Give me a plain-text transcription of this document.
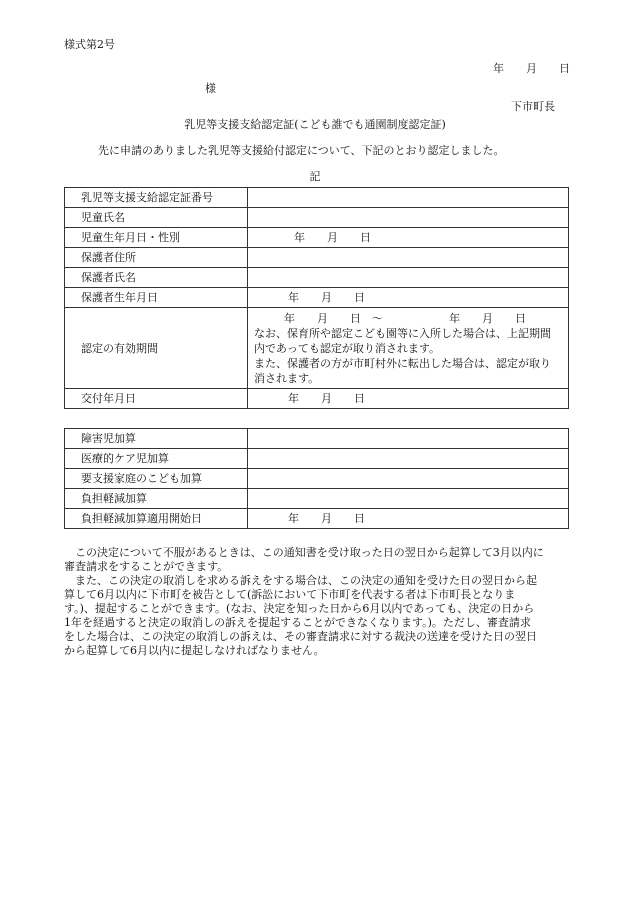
様式第2号
年　　月　　日
様
下市町長
乳児等支援支給認定証(こども誰でも通園制度認定証)
先に申請のありました乳児等支援給付認定について、下記のとおり認定しました。
記
乳児等支援支給認定証番号	
児童氏名	
児童生年月日・性別	年　　月　　日
保護者住所	
保護者氏名	
保護者生年月日	年　　月　　日
認定の有効期間	年　　月　　日　～　　　　　　年　　月　　日
なお、保育所や認定こども園等に入所した場合は、上記期間
内であっても認定が取り消されます。
また、保護者の方が市町村外に転出した場合は、認定が取り
消されます。

交付年月日	年　　月　　日
障害児加算	
医療的ケア児加算	
要支援家庭のこども加算	
負担軽減加算	
負担軽減加算適用開始日	年　　月　　日

　この決定について不服があるときは、この通知書を受け取った日の翌日から起算して3月以内に

審査請求をすることができます。

　また、この決定の取消しを求める訴えをする場合は、この決定の通知を受けた日の翌日から起

算して6月以内に下市町を被告として(訴訟において下市町を代表する者は下市町長となりま

す。)、提起することができます。(なお、決定を知った日から6月以内であっても、決定の日から

1年を経過すると決定の取消しの訴えを提起することができなくなります。)。ただし、審査請求

をした場合は、この決定の取消しの訴えは、その審査請求に対する裁決の送達を受けた日の翌日

から起算して6月以内に提起しなければなりません。
